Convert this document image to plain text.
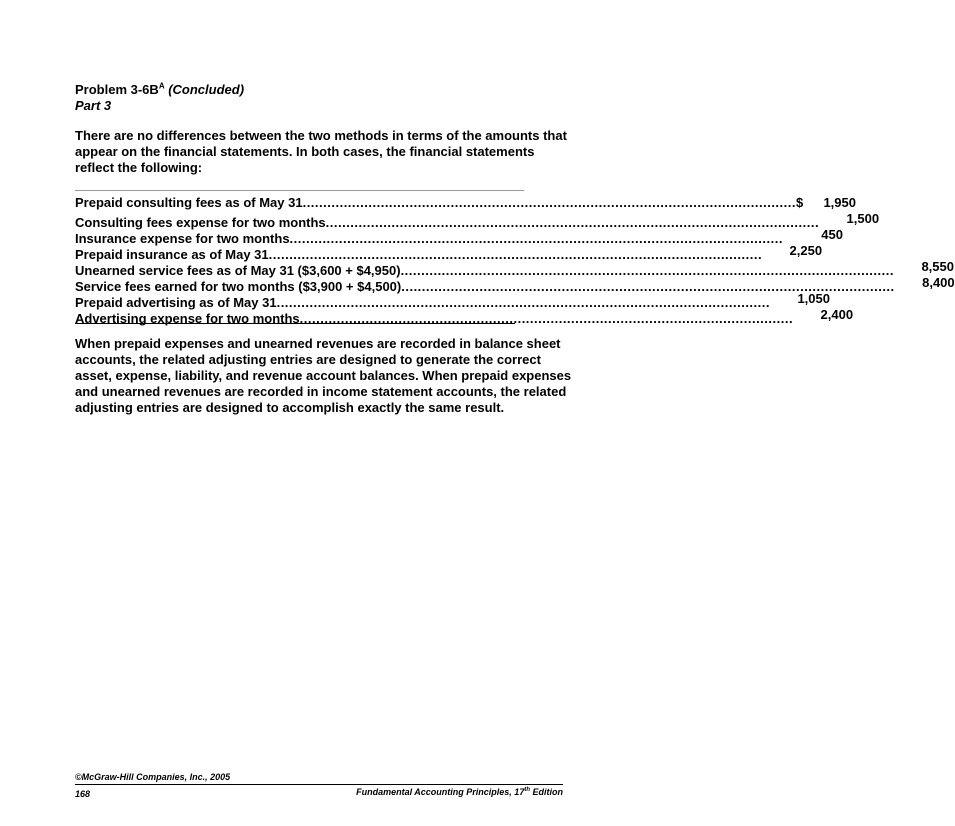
Problem $3-6B^A$ (Concluded)
Part 3
There are no differences between the two methods in terms of the amounts that appear on the financial statements. In both cases, the financial statements reflect the following:
Prepaid consulting fees as of May 31 ........................................................................................................................ $	1,950
Consulting fees expense for two months ........................................................................................................................	1,500
Insurance expense for two months ........................................................................................................................	450
Prepaid insurance as of May 31 ........................................................................................................................	2,250
Unearned service fees as of May 31 ($3,600 + $4,950) ........................................................................................................................	8,550
Service fees earned for two months ($3,900 + $4,500) ........................................................................................................................	8,400
Prepaid advertising as of May 31 ........................................................................................................................	1,050
Advertising expense for two months ........................................................................................................................	2,400
When prepaid expenses and unearned revenues are recorded in balance sheet accounts, the related adjusting entries are designed to generate the correct asset, expense, liability, and revenue account balances. When prepaid expenses and unearned revenues are recorded in income statement accounts, the related adjusting entries are designed to accomplish exactly the same result.
©McGraw-Hill Companies, Inc., 2005
168	Fundamental Accounting Principles, 17th Edition
